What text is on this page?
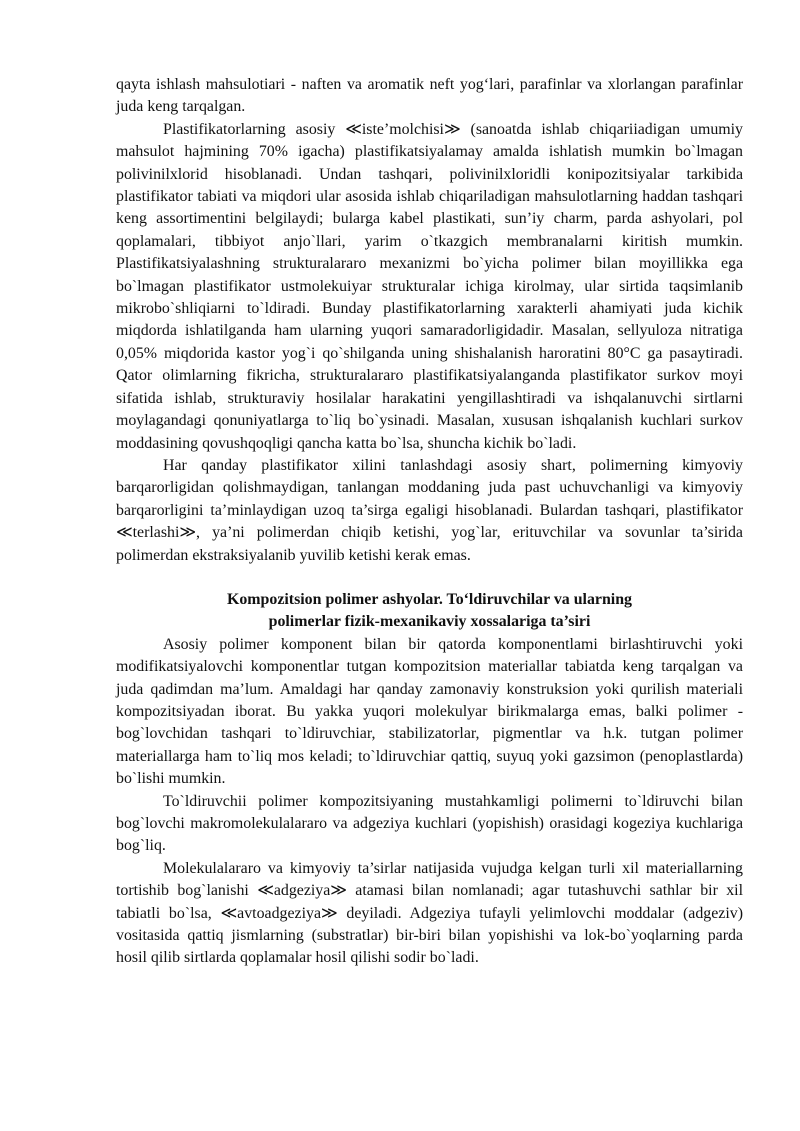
qayta ishlash mahsulotiari - naften va aromatik neft yog‘lari, parafinlar va xlorlangan parafinlar juda keng tarqalgan.

Plastifikatorlarning asosiy ≪iste’molchisi≫ (sanoatda ishlab chiqariiadigan umumiy mahsulot hajmining 70% igacha) plastifikatsiyalamay amalda ishlatish mumkin bo`lmagan polivinilxlorid hisoblanadi. Undan tashqari, polivinilxloridli konipozitsiyalar tarkibida plastifikator tabiati va miqdori ular asosida ishlab chiqariladigan mahsulotlarning haddan tashqari keng assortimentini belgilaydi; bularga kabel plastikati, sun’iy charm, parda ashyolari, pol qoplamalari, tibbiyot anjo`llari, yarim o`tkazgich membranalarni kiritish mumkin. Plastifikatsiyalashning strukturalararo mexanizmi bo`yicha polimer bilan moyillikka ega bo`lmagan plastifikator ustmolekuiyar strukturalar ichiga kirolmay, ular sirtida taqsimlanib mikrobo`shliqiarni to`ldiradi. Bunday plastifikatorlarning xarakterli ahamiyati juda kichik miqdorda ishlatilganda ham ularning yuqori samaradorligidadir. Masalan, sellyuloza nitratiga 0,05% miqdorida kastor yog`i qo`shilganda uning shishalanish haroratini 80°C ga pasaytiradi. Qator olimlarning fikricha, strukturalararo plastifikatsiyalanganda plastifikator surkov moyi sifatida ishlab, strukturaviy hosilalar harakatini yengillashtiradi va ishqalanuvchi sirtlarni moylagandagi qonuniyatlarga to`liq bo`ysinadi. Masalan, xususan ishqalanish kuchlari surkov moddasining qovushqoqligi qancha katta bo`lsa, shuncha kichik bo`ladi.

Har qanday plastifikator xilini tanlashdagi asosiy shart, polimerning kimyoviy barqarorligidan qolishmaydigan, tanlangan moddaning juda past uchuvchanligi va kimyoviy barqarorligini ta’minlaydigan uzoq ta’sirga egaligi hisoblanadi. Bulardan tashqari, plastifikator ≪terlashi≫, ya’ni polimerdan chiqib ketishi, yog`lar, erituvchilar va sovunlar ta’sirida polimerdan ekstraksiyalanib yuvilib ketishi kerak emas.

Kompozitsion polimer ashyolar. To‘ldiruvchilar va ularning

polimerlar fizik-mexanikaviy xossalariga ta’siri

Asosiy polimer komponent bilan bir qatorda komponentlami birlashtiruvchi yoki modifikatsiyalovchi komponentlar tutgan kompozitsion materiallar tabiatda keng tarqalgan va juda qadimdan ma’lum. Amaldagi har qanday zamonaviy konstruksion yoki qurilish materiali kompozitsiyadan iborat. Bu yakka yuqori molekulyar birikmalarga emas, balki polimer - bog`lovchidan tashqari to`ldiruvchiar, stabilizatorlar, pigmentlar va h.k. tutgan polimer materiallarga ham to`liq mos keladi; to`ldiruvchiar qattiq, suyuq yoki gazsimon (penoplastlarda) bo`lishi mumkin.

To`ldiruvchii polimer kompozitsiyaning mustahkamligi polimerni to`ldiruvchi bilan bog`lovchi makromolekulalararo va adgeziya kuchlari (yopishish) orasidagi kogeziya kuchlariga bog`liq.

Molekulalararo va kimyoviy ta’sirlar natijasida vujudga kelgan turli xil materiallarning tortishib bog`lanishi ≪adgeziya≫ atamasi bilan nomlanadi; agar tutashuvchi sathlar bir xil tabiatli bo`lsa, ≪avtoadgeziya≫ deyiladi. Adgeziya tufayli yelimlovchi moddalar (adgeziv) vositasida qattiq jismlarning (substratlar) bir-biri bilan yopishishi va lok-bo`yoqlarning parda hosil qilib sirtlarda qoplamalar hosil qilishi sodir bo`ladi.
